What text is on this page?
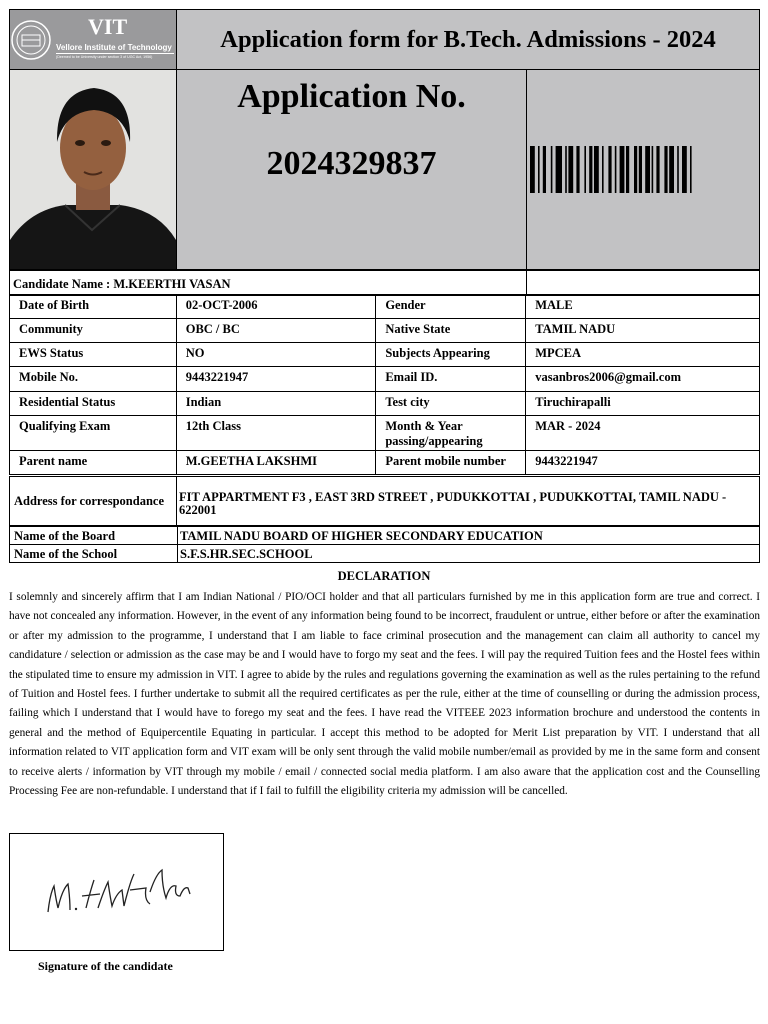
VIT
Vellore Institute of Technology
(Deemed to be University under section 3 of UGC Act, 1956)
Application form for B.Tech. Admissions - 2024
Application No.
2024329837
Candidate Name : M.KEERTHI VASAN
Date of Birth	02-OCT-2006	Gender	MALE
Community	OBC / BC	Native State	TAMIL NADU
EWS Status	NO	Subjects Appearing	MPCEA
Mobile No.	9443221947	Email ID.	vasanbros2006@gmail.com
Residential Status	Indian	Test city	Tiruchirapalli
Qualifying Exam	12th Class	Month & Year passing/appearing	MAR - 2024
Parent name	M.GEETHA LAKSHMI	Parent mobile number	9443221947
Address for correspondance	FIT APPARTMENT F3 , EAST 3RD STREET , PUDUKKOTTAI , PUDUKKOTTAI, TAMIL NADU - 622001
Name of the Board	TAMIL NADU BOARD OF HIGHER SECONDARY EDUCATION
Name of the School	S.F.S.HR.SEC.SCHOOL
DECLARATION
I solemnly and sincerely affirm that I am Indian National / PIO/OCI holder and that all particulars furnished by me in this application form are true and correct. I have not concealed any information. However, in the event of any information being found to be incorrect, fraudulent or untrue, either before or after the examination or after my admission to the programme, I understand that I am liable to face criminal prosecution and the management can claim all authority to cancel my candidature / selection or admission as the case may be and I would have to forgo my seat and the fees. I will pay the required Tuition fees and the Hostel fees within the stipulated time to ensure my admission in VIT. I agree to abide by the rules and regulations governing the examination as well as the rules pertaining to the refund of Tuition and Hostel fees. I further undertake to submit all the required certificates as per the rule, either at the time of counselling or during the admission process, failing which I understand that I would have to forego my seat and the fees. I have read the VITEEE 2023 information brochure and understood the contents in general and the method of Equipercentile Equating in particular. I accept this method to be adopted for Merit List preparation by VIT. I understand that all information related to VIT application form and VIT exam will be only sent through the valid mobile number/email as provided by me in the same form and consent to receive alerts / information by VIT through my mobile / email / connected social media platform. I am also aware that the application cost and the Counselling Processing Fee are non-refundable. I understand that if I fail to fulfill the eligibility criteria my admission will be cancelled.
Signature of the candidate
